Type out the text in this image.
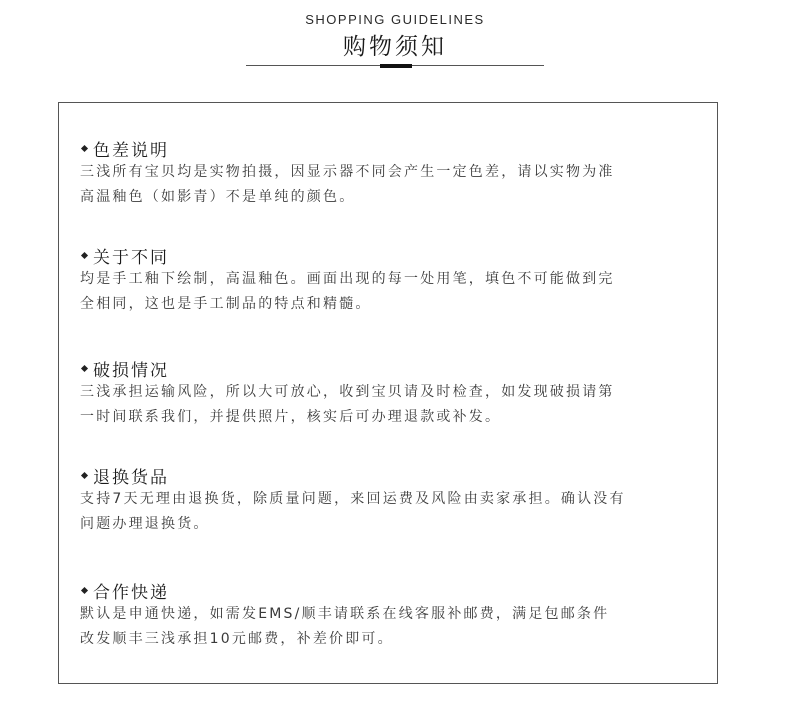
SHOPPING GUIDELINES
购物须知
色差说明
三浅所有宝贝均是实物拍摄，因显示器不同会产生一定色差，请以实物为准
高温釉色（如影青）不是单纯的颜色。
关于不同
均是手工釉下绘制，高温釉色。画面出现的每一处用笔，填色不可能做到完
全相同，这也是手工制品的特点和精髓。
破损情况
三浅承担运输风险，所以大可放心，收到宝贝请及时检查，如发现破损请第
一时间联系我们，并提供照片，核实后可办理退款或补发。
退换货品
支持7天无理由退换货，除质量问题，来回运费及风险由卖家承担。确认没有
问题办理退换货。
合作快递
默认是申通快递，如需发EMS/顺丰请联系在线客服补邮费，满足包邮条件
改发顺丰三浅承担10元邮费，补差价即可。
